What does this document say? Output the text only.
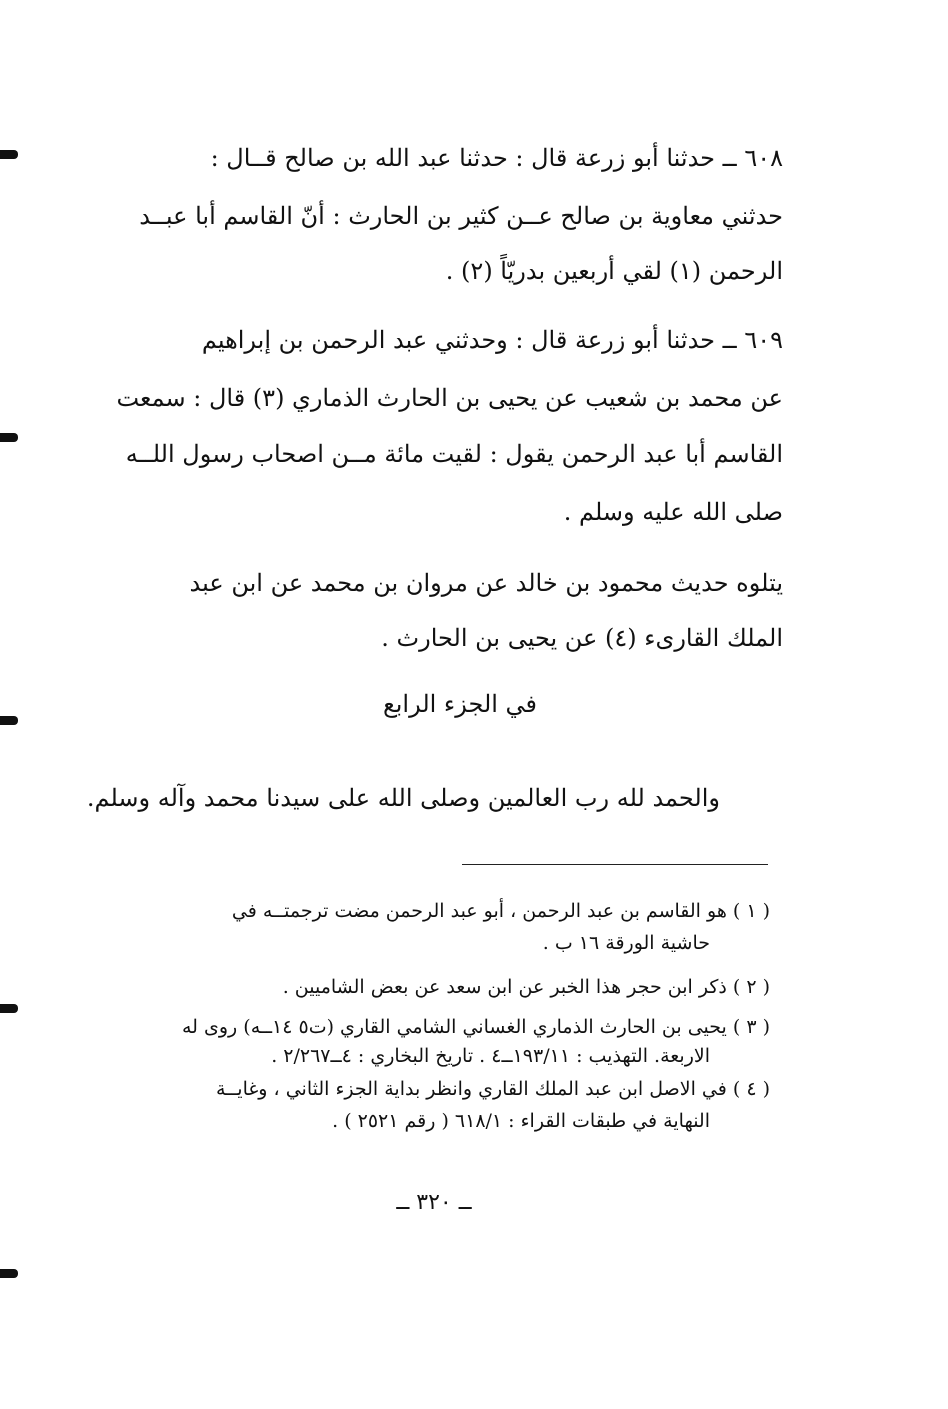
٦٠٨ ــ حدثنا أبو زرعة قال : حدثنا عبد الله بن صالح قــال :
حدثني معاوية بن صالح عــن كثير بن الحارث : أنّ القاسم أبا عبــد
الرحمن (١) لقي أربعين بدريّاً (٢) .
٦٠٩ ــ حدثنا أبو زرعة قال : وحدثني عبد الرحمن بن إبراهيم
عن محمد بن شعيب عن يحيى بن الحارث الذماري (٣) قال : سمعت
القاسم أبا عبد الرحمن يقول : لقيت مائة مــن اصحاب رسول اللــه
صلى الله عليه وسلم .
يتلوه حديث محمود بن خالد عن مروان بن محمد عن ابن عبد
الملك القارىء (٤) عن يحيى بن الحارث .
في الجزء الرابع
والحمد لله رب العالمين وصلى الله على سيدنا محمد وآله وسلم.
( ١ ) هو القاسم بن عبد الرحمن ، أبو عبد الرحمن مضت ترجمتــه في
حاشية الورقة ١٦ ب .
( ٢ ) ذكر ابن حجر هذا الخبر عن ابن سعد عن بعض الشاميين .
( ٣ ) يحيى بن الحارث الذماري الغساني الشامي القاري (ت٥ ١٤ــه) روى له
الاربعة. التهذيب : ١٩٣/١١ــ٤ . تاريخ البخاري : ٤ــ٢/٢٦٧ .
( ٤ ) في الاصل ابن عبد الملك القاري وانظر بداية الجزء الثاني ، وغايــة
النهاية في طبقات القراء : ٦١٨/١ ( رقم ٢٥٢١ ) .
ــ ٣٢٠ ــ
